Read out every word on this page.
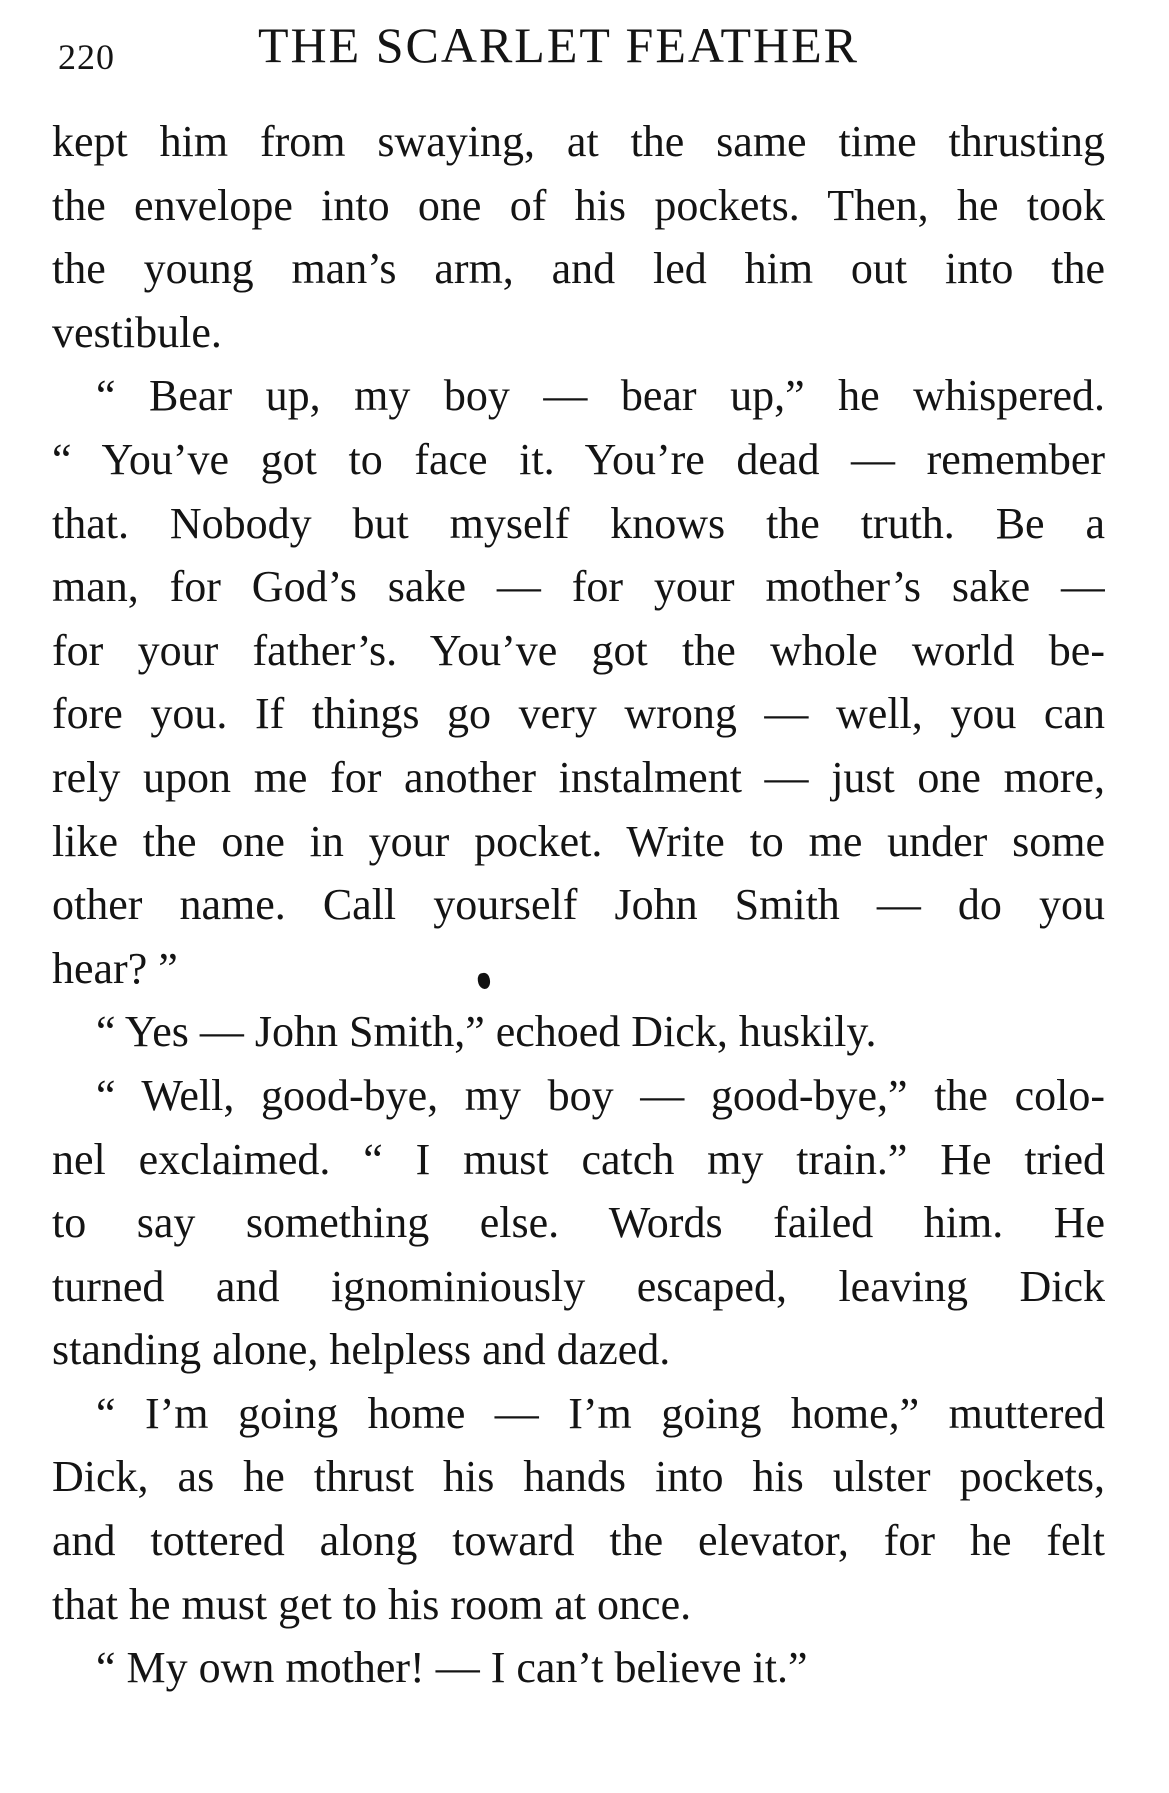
220	THE SCARLET FEATHER
kept him from swaying, at the same time thrusting
the envelope into one of his pockets. Then, he took
the young man’s arm, and led him out into the
vestibule.
“ Bear up, my boy — bear up,” he whispered.
“ You’ve got to face it. You’re dead — remember
that. Nobody but myself knows the truth. Be a
man, for God’s sake — for your mother’s sake —
for your father’s. You’ve got the whole world be-
fore you. If things go very wrong — well, you can
rely upon me for another instalment — just one more,
like the one in your pocket. Write to me under some
other name. Call yourself John Smith — do you
hear? ”
“ Yes — John Smith,” echoed Dick, huskily.
“ Well, good-bye, my boy — good-bye,” the colo-
nel exclaimed. “ I must catch my train.” He tried
to say something else. Words failed him. He
turned and ignominiously escaped, leaving Dick
standing alone, helpless and dazed.
“ I’m going home — I’m going home,” muttered
Dick, as he thrust his hands into his ulster pockets,
and tottered along toward the elevator, for he felt
that he must get to his room at once.
“ My own mother! — I can’t believe it.”
